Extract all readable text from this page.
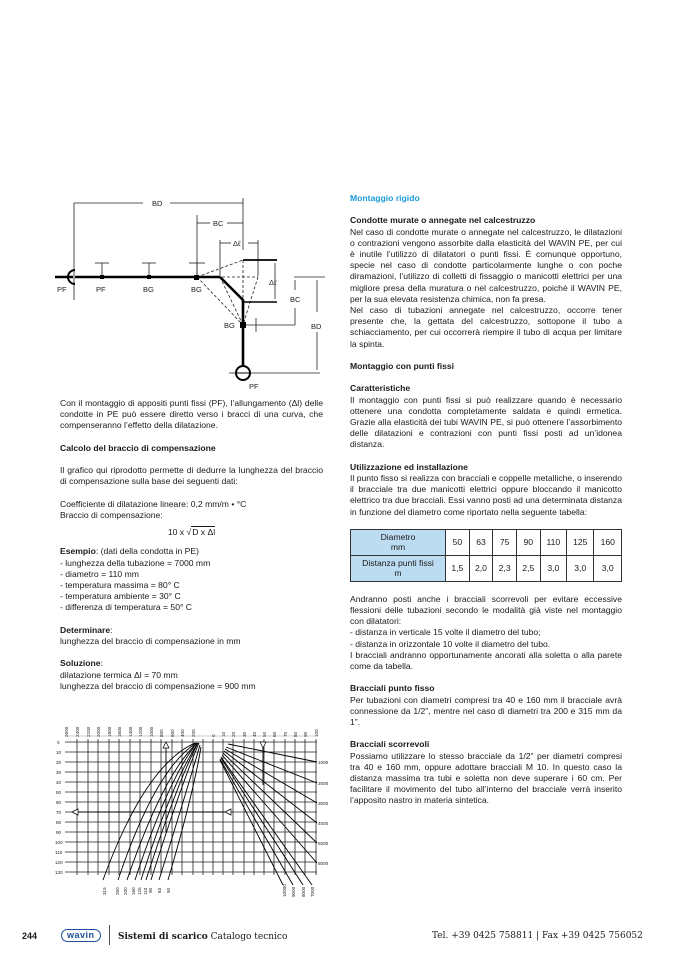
BD
BC
Δℓ
Δℓ
BC
BD
PF	PF	BG	BG
BG
PF

Con il montaggio di appositi punti fissi (PF), l’allungamento (Δl) delle condotte in PE può essere diretto verso i bracci di una curva, che compenseranno l’effetto della dilatazione.

Calcolo del braccio di compensazione

Il grafico qui riprodotto permette di dedurre la lunghezza del braccio di compensazione sulla base dei seguenti dati:

Coefficiente di dilatazione lineare: 0,2 mm/m • °C

Braccio di compensazione:

10 x √D x Δl

Esempio: (dati della condotta in PE)

- lunghezza della tubazione = 7000 mm

- diametro = 110 mm

- temperatura massima = 80° C

- temperatura ambiente = 30° C

- differenza di temperatura = 50° C

Determinare:

lunghezza del braccio di compensazione in mm

Soluzione:

dilatazione termica Δl = 70 mm

lunghezza del braccio di compensazione = 900 mm

2600 2400 2200 2000 1800 1600 1400 1200 1000 800 600 400 200	0 10 20 30 40 50 60 70 80 90 100
0
10
20
30
40
50
60
70
80
90
100
110
120
130
1000
2000
3000
4000
5000
6000
315 250 200 160 125 110 90 63 50	10000 9000 8000 7000

Montaggio rigido

Condotte murate o annegate nel calcestruzzo

Nel caso di condotte murate o annegate nel calcestruzzo, le dilatazioni o contrazioni vengono assorbite dalla elasticità del WAVIN PE, per cui è inutile l’utilizzo di dilatatori o punti fissi. È comunque opportuno, specie nel caso di condotte particolarmente lunghe o con poche diramazioni, l’utilizzo di colletti di fissaggio o manicotti elettrici per una migliore presa della muratura o nel calcestruzzo, poichè il WAVIN PE, per la sua elevata resistenza chimica, non fa presa.

Nel caso di tubazioni annegate nel calcestruzzo, occorre tener presente che, la gettata del calcestruzzo, sottopone il tubo a schiacciamento, per cui occorrerà riempire il tubo di acqua per limitare la spinta.

Montaggio con punti fissi

Caratteristiche

Il montaggio con punti fissi si può realizzare quando è necessario ottenere una condotta completamente saldata e quindi ermetica. Grazie alla elasticità dei tubi WAVIN PE, si può ottenere l’assorbimento delle dilatazioni e contrazioni con punti fissi posti ad un’idonea distanza.

Utilizzazione ed installazione

Il punto fisso si realizza con bracciali e coppelle metalliche, o inserendo il bracciale tra due manicotti elettrici oppure bloccando il manicotto elettrico tra due bracciali. Essi vanno posti ad una determinata distanza in funzione del diametro come riportato nella seguente tabella:

Diametro
mm	50	63	75	90	110	125	160
Distanza punti fissi
m	1,5	2,0	2,3	2,5	3,0	3,0	3,0

Andranno posti anche i bracciali scorrevoli per evitare eccessive flessioni delle tubazioni secondo le modalità già viste nel montaggio con dilatatori:

- distanza in verticale 15 volte il diametro del tubo;

- distanza in orizzontale 10 volte il diametro del tubo.

I bracciali andranno opportunamente ancorati alla soletta o alla parete come da tabella.

Bracciali punto fisso

Per tubazioni con diametri compresi tra 40 e 160 mm il bracciale avrà connessione da 1/2”, mentre nel caso di diametri tra 200 e 315 mm da 1”.

Bracciali scorrevoli

Possiamo utilizzare lo stesso bracciale da 1/2” per diametri compresi tra 40 e 160 mm, oppure adottare bracciali M 10. In questo caso la distanza massima tra tubi e soletta non deve superare i 60 cm. Per facilitare il movimento del tubo all’interno del bracciale verrà inserito l’apposito nastro in materia sintetica.

244	wavin	Sistemi di scarico Catalogo tecnico	Tel. +39 0425 758811 | Fax +39 0425 756052
